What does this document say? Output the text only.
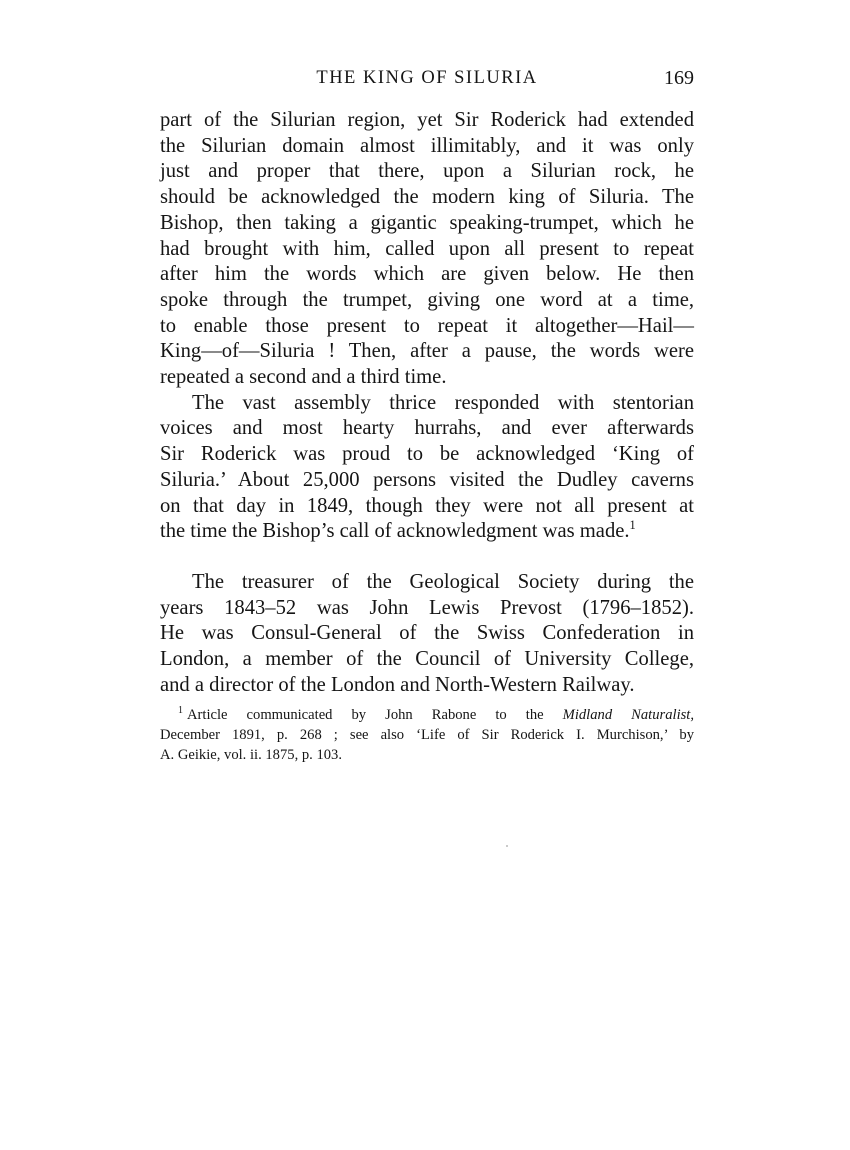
THE KING OF SILURIA	169
part of the Silurian region, yet Sir Roderick had extended
the Silurian domain almost illimitably, and it was only
just and proper that there, upon a Silurian rock, he
should be acknowledged the modern king of Siluria. The
Bishop, then taking a gigantic speaking-trumpet, which he
had brought with him, called upon all present to repeat
after him the words which are given below. He then
spoke through the trumpet, giving one word at a time,
to enable those present to repeat it altogether—Hail—
King—of—Siluria ! Then, after a pause, the words were
repeated a second and a third time.
The vast assembly thrice responded with stentorian
voices and most hearty hurrahs, and ever afterwards
Sir Roderick was proud to be acknowledged ‘King of
Siluria.’ About 25,000 persons visited the Dudley caverns
on that day in 1849, though they were not all present at
the time the Bishop’s call of acknowledgment was made.$^1$
The treasurer of the Geological Society during the
years 1843–52 was John Lewis Prevost (1796–1852).
He was Consul-General of the Swiss Confederation in
London, a member of the Council of University College,
and a director of the London and North-Western Railway.
$^1$ Article communicated by John Rabone to the Midland Naturalist,
December 1891, p. 268 ; see also ‘Life of Sir Roderick I. Murchison,’ by
A. Geikie, vol. ii. 1875, p. 103.
